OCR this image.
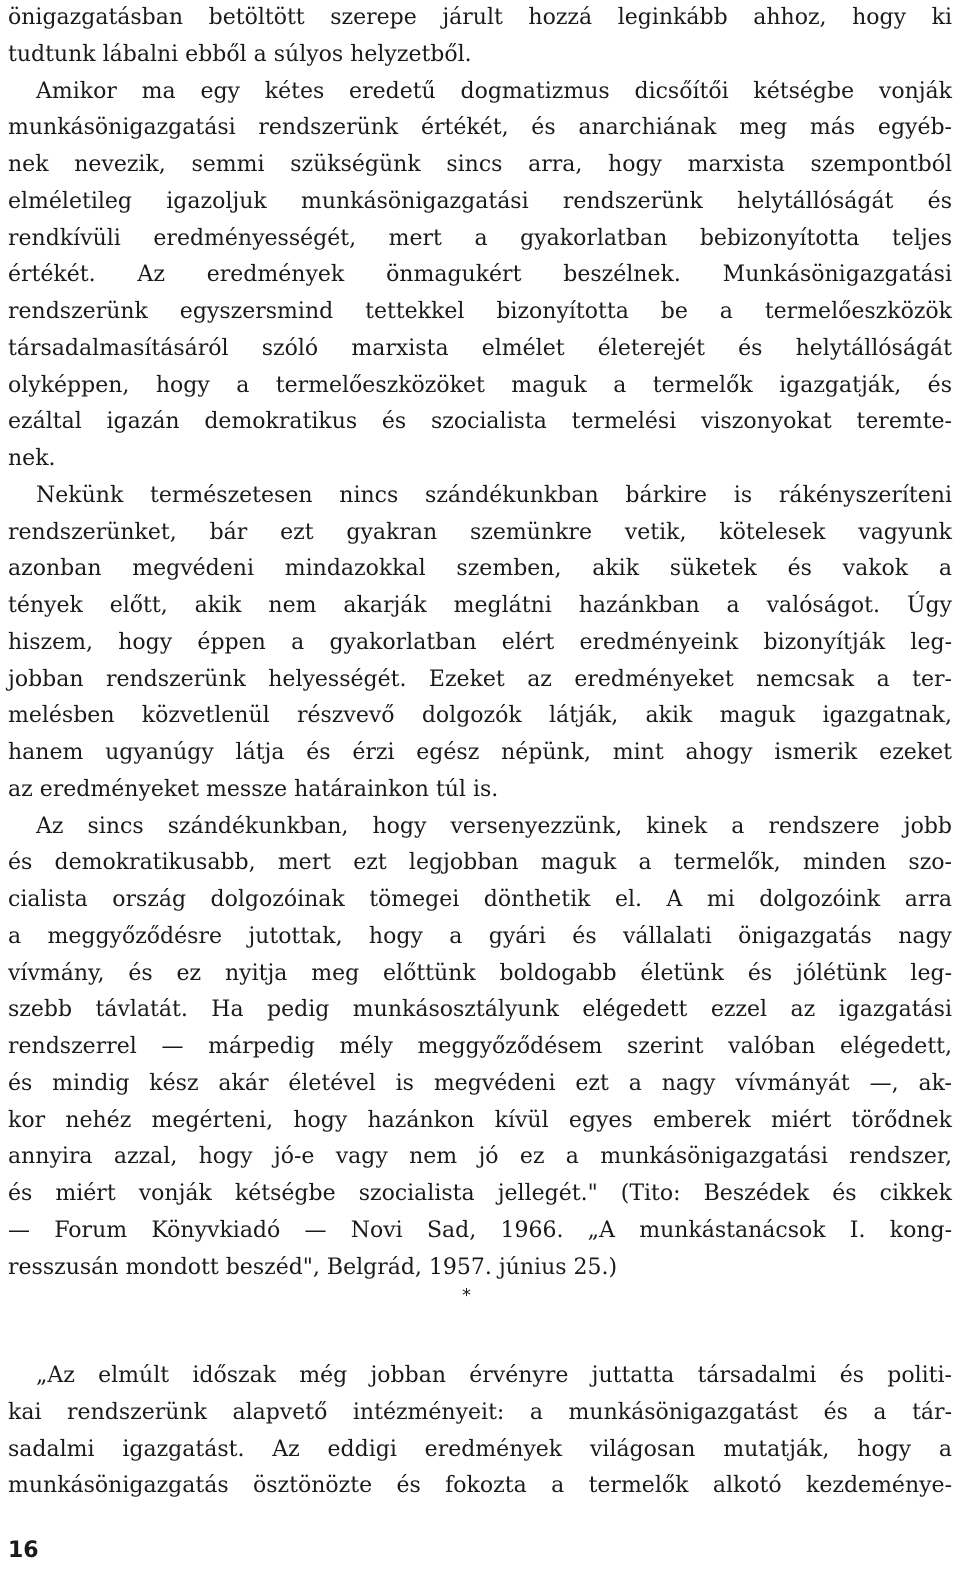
önigazgatásban betöltött szerepe járult hozzá leginkább ahhoz, hogy ki
tudtunk lábalni ebből a súlyos helyzetből.
Amikor ma egy kétes eredetű dogmatizmus dicsőítői kétségbe vonják
munkásönigazgatási rendszerünk értékét, és anarchiának meg más egyéb-
nek nevezik, semmi szükségünk sincs arra, hogy marxista szempontból
elméletileg igazoljuk munkásönigazgatási rendszerünk helytállóságát és
rendkívüli eredményességét, mert a gyakorlatban bebizonyította teljes
értékét. Az eredmények önmagukért beszélnek. Munkásönigazgatási
rendszerünk egyszersmind tettekkel bizonyította be a termelőeszközök
társadalmasításáról szóló marxista elmélet életerejét és helytállóságát
olyképpen, hogy a termelőeszközöket maguk a termelők igazgatják, és
ezáltal igazán demokratikus és szocialista termelési viszonyokat teremte-
nek.
Nekünk természetesen nincs szándékunkban bárkire is rákényszeríteni
rendszerünket, bár ezt gyakran szemünkre vetik, kötelesek vagyunk
azonban megvédeni mindazokkal szemben, akik süketek és vakok a
tények előtt, akik nem akarják meglátni hazánkban a valóságot. Úgy
hiszem, hogy éppen a gyakorlatban elért eredményeink bizonyítják leg-
jobban rendszerünk helyességét. Ezeket az eredményeket nemcsak a ter-
melésben közvetlenül részvevő dolgozók látják, akik maguk igazgatnak,
hanem ugyanúgy látja és érzi egész népünk, mint ahogy ismerik ezeket
az eredményeket messze határainkon túl is.
Az sincs szándékunkban, hogy versenyezzünk, kinek a rendszere jobb
és demokratikusabb, mert ezt legjobban maguk a termelők, minden szo-
cialista ország dolgozóinak tömegei dönthetik el. A mi dolgozóink arra
a meggyőződésre jutottak, hogy a gyári és vállalati önigazgatás nagy
vívmány, és ez nyitja meg előttünk boldogabb életünk és jólétünk leg-
szebb távlatát. Ha pedig munkásosztályunk elégedett ezzel az igazgatási
rendszerrel — márpedig mély meggyőződésem szerint valóban elégedett,
és mindig kész akár életével is megvédeni ezt a nagy vívmányát —, ak-
kor nehéz megérteni, hogy hazánkon kívül egyes emberek miért törődnek
annyira azzal, hogy jó-e vagy nem jó ez a munkásönigazgatási rendszer,
és miért vonják kétségbe szocialista jellegét." (Tito: Beszédek és cikkek
— Forum Könyvkiadó — Novi Sad, 1966. „A munkástanácsok I. kong-
resszusán mondott beszéd", Belgrád, 1957. június 25.)
*
„Az elmúlt időszak még jobban érvényre juttatta társadalmi és politi-
kai rendszerünk alapvető intézményeit: a munkásönigazgatást és a tár-
sadalmi igazgatást. Az eddigi eredmények világosan mutatják, hogy a
munkásönigazgatás ösztönözte és fokozta a termelők alkotó kezdeménye-
16
